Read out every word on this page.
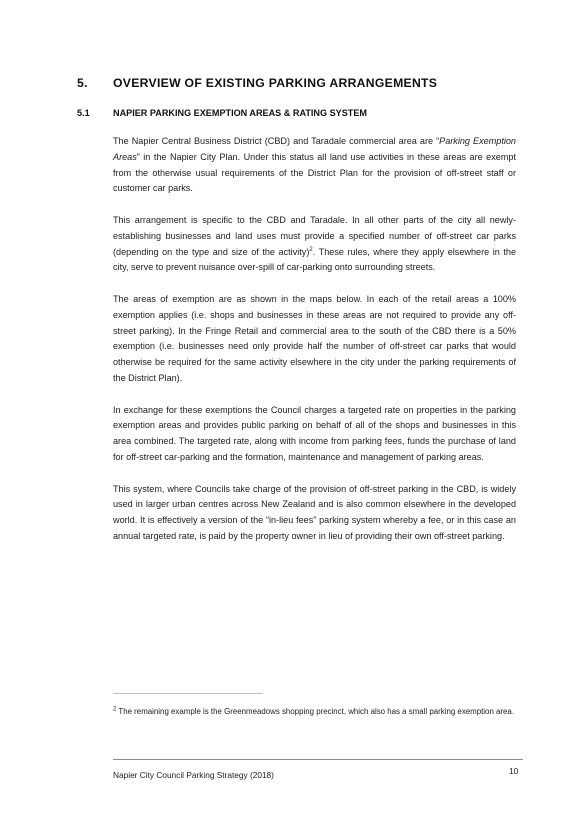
5. OVERVIEW OF EXISTING PARKING ARRANGEMENTS
5.1	NAPIER PARKING EXEMPTION AREAS & RATING SYSTEM

The Napier Central Business District (CBD) and Taradale commercial area are “Parking Exemption Areas” in the Napier City Plan. Under this status all land use activities in these areas are exempt from the otherwise usual requirements of the District Plan for the provision of off-street staff or customer car parks.

This arrangement is specific to the CBD and Taradale. In all other parts of the city all newly-establishing businesses and land uses must provide a specified number of off-street car parks (depending on the type and size of the activity)$^2$. These rules, where they apply elsewhere in the city, serve to prevent nuisance over-spill of car-parking onto surrounding streets.

The areas of exemption are as shown in the maps below. In each of the retail areas a 100% exemption applies (i.e. shops and businesses in these areas are not required to provide any off-street parking). In the Fringe Retail and commercial area to the south of the CBD there is a 50% exemption (i.e. businesses need only provide half the number of off-street car parks that would otherwise be required for the same activity elsewhere in the city under the parking requirements of the District Plan).

In exchange for these exemptions the Council charges a targeted rate on properties in the parking exemption areas and provides public parking on behalf of all of the shops and businesses in this area combined. The targeted rate, along with income from parking fees, funds the purchase of land for off-street car-parking and the formation, maintenance and management of parking areas.

This system, where Councils take charge of the provision of off-street parking in the CBD, is widely used in larger urban centres across New Zealand and is also common elsewhere in the developed world. It is effectively a version of the “in-lieu fees” parking system whereby a fee, or in this case an annual targeted rate, is paid by the property owner in lieu of providing their own off-street parking.

$^2$ The remaining example is the Greenmeadows shopping precinct, which also has a small parking exemption area.
Napier City Council Parking Strategy (2018)	10
